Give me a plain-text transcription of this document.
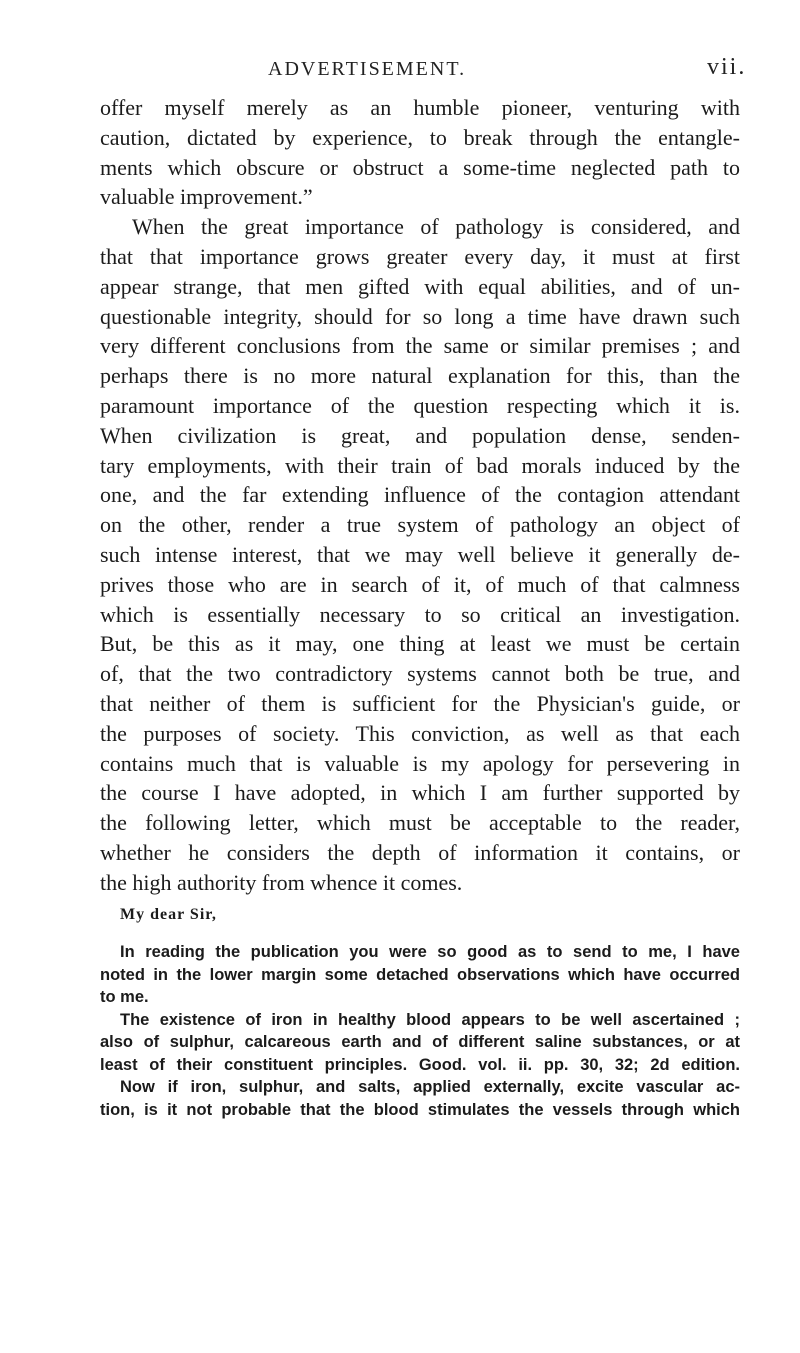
ADVERTISEMENT.	vii.

offer myself merely as an humble pioneer, venturing with
caution, dictated by experience, to break through the entangle-
ments which obscure or obstruct a some-time neglected path to
valuable improvement.”

When the great importance of pathology is considered, and
that that importance grows greater every day, it must at first
appear strange, that men gifted with equal abilities, and of un-
questionable integrity, should for so long a time have drawn such
very different conclusions from the same or similar premises ; and
perhaps there is no more natural explanation for this, than the
paramount importance of the question respecting which it is.
When civilization is great, and population dense, senden-
tary employments, with their train of bad morals induced by the
one, and the far extending influence of the contagion attendant
on the other, render a true system of pathology an object of
such intense interest, that we may well believe it generally de-
prives those who are in search of it, of much of that calmness
which is essentially necessary to so critical an investigation.
But, be this as it may, one thing at least we must be certain
of, that the two contradictory systems cannot both be true, and
that neither of them is sufficient for the Physician's guide, or
the purposes of society. This conviction, as well as that each
contains much that is valuable is my apology for persevering in
the course I have adopted, in which I am further supported by
the following letter, which must be acceptable to the reader,
whether he considers the depth of information it contains, or
the high authority from whence it comes.

My dear Sir,

In reading the publication you were so good as to send to me, I have
noted in the lower margin some detached observations which have occurred
to me.

The existence of iron in healthy blood appears to be well ascertained ;
also of sulphur, calcareous earth and of different saline substances, or at
least of their constituent principles. Good. vol. ii. pp. 30, 32; 2d edition.

Now if iron, sulphur, and salts, applied externally, excite vascular ac-
tion, is it not probable that the blood stimulates the vessels through which
